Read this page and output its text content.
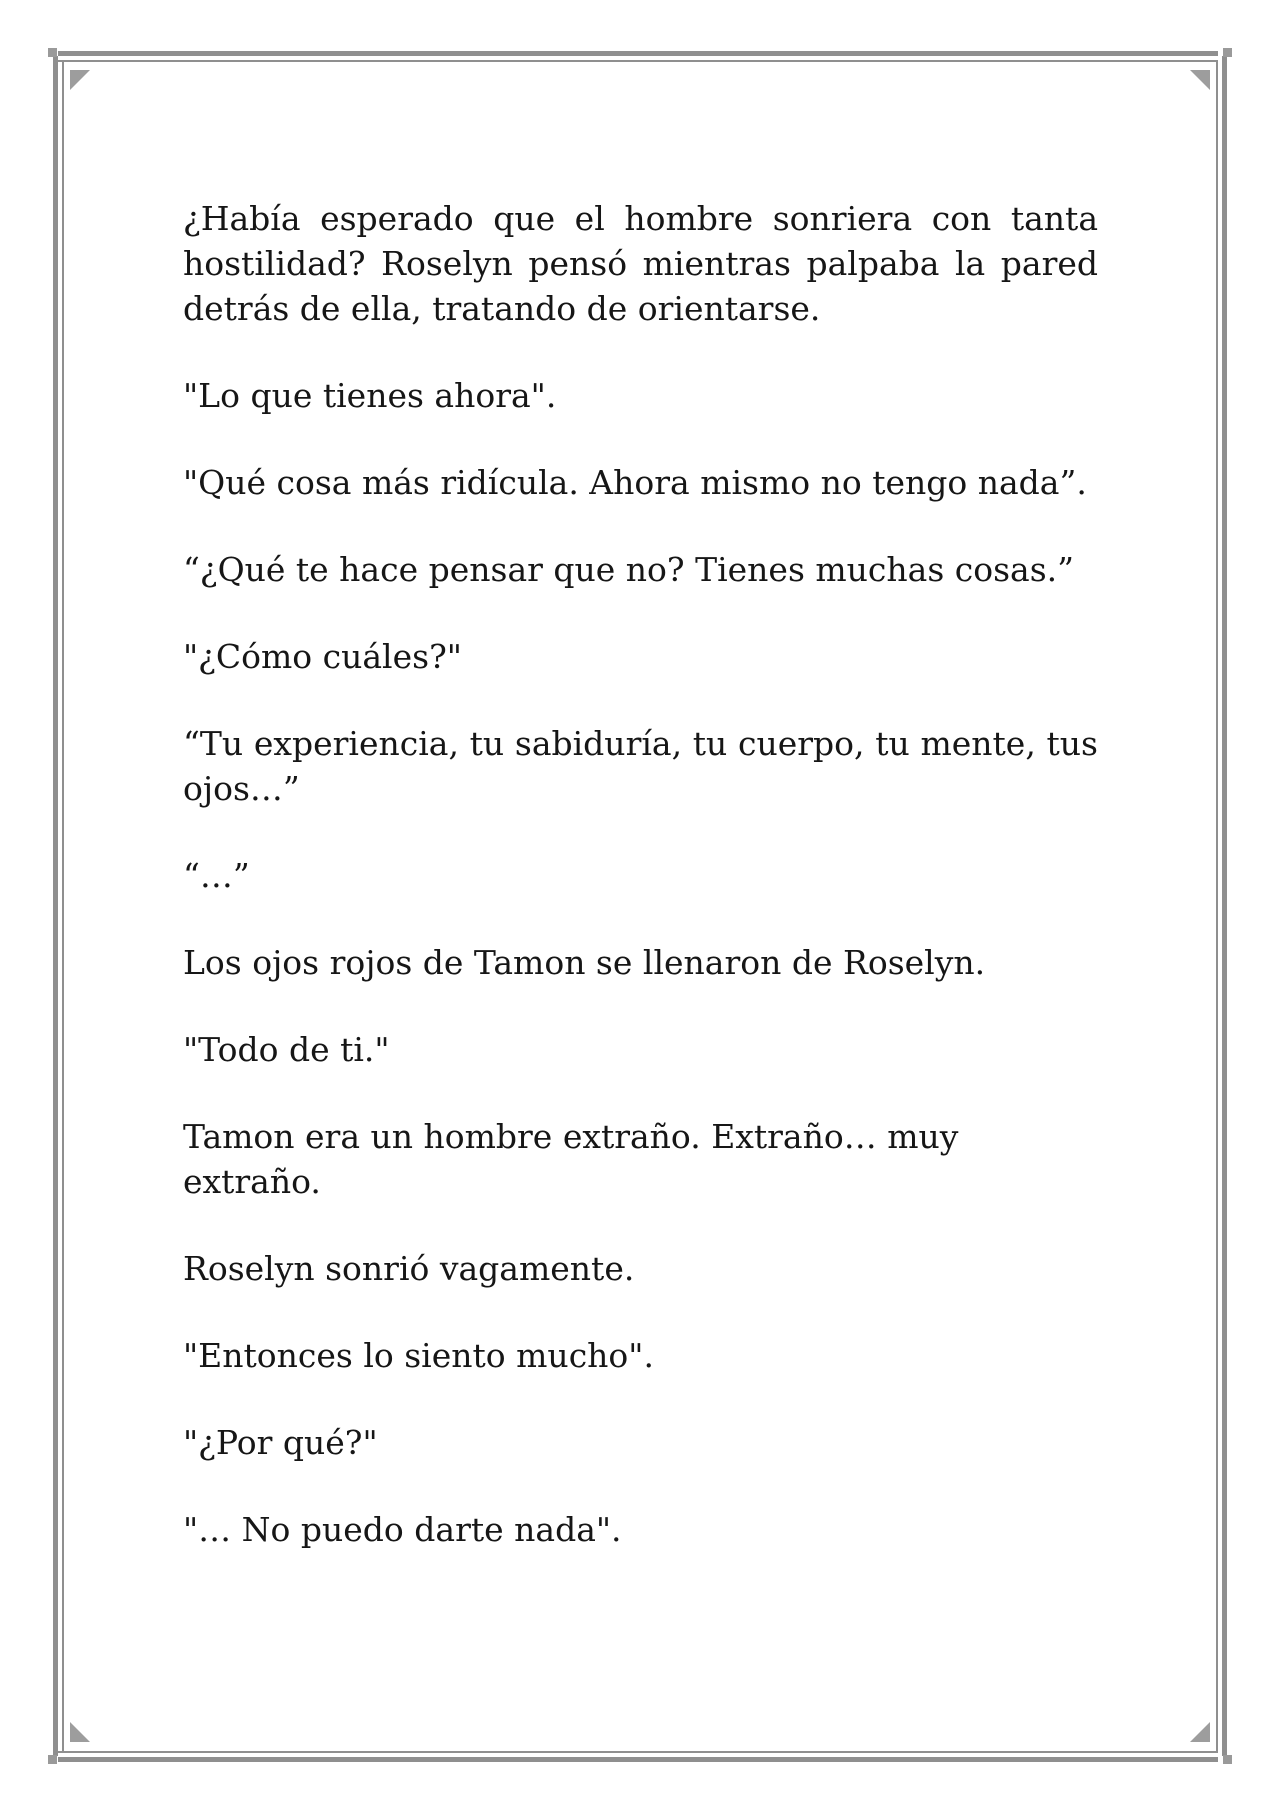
¿Había esperado que el hombre sonriera con tanta hostilidad? Roselyn pensó mientras palpaba la pared detrás de ella, tratando de orientarse.

"Lo que tienes ahora".

"Qué cosa más ridícula. Ahora mismo no tengo nada”.

“¿Qué te hace pensar que no? Tienes muchas cosas.”

"¿Cómo cuáles?"

“Tu experiencia, tu sabiduría, tu cuerpo, tu mente, tus ojos…”

“…”

Los ojos rojos de Tamon se llenaron de Roselyn.

"Todo de ti."

Tamon era un hombre extraño. Extraño… muy extraño.

Roselyn sonrió vagamente.

"Entonces lo siento mucho".

"¿Por qué?"

"… No puedo darte nada".
